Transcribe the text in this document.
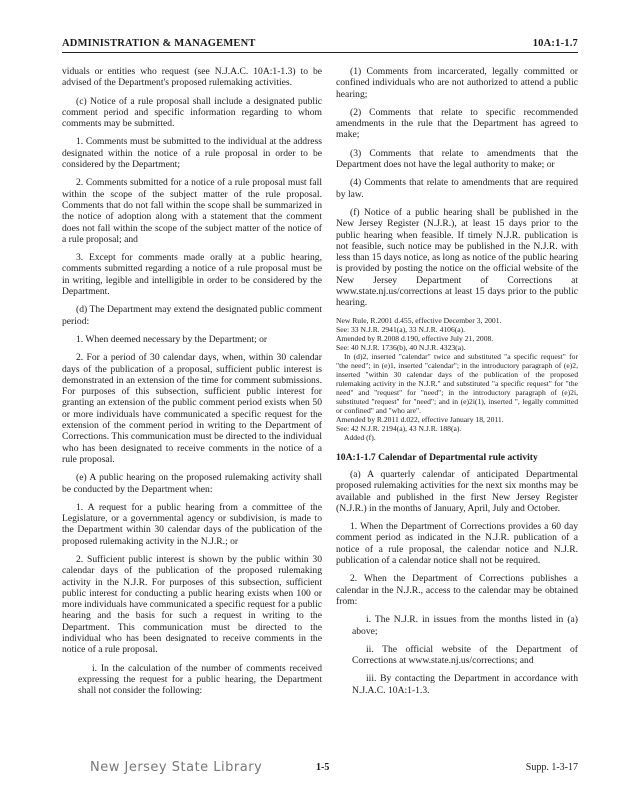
ADMINISTRATION & MANAGEMENT	10A:1-1.7
viduals or entities who request (see N.J.A.C. 10A:1-1.3) to be advised of the Department's proposed rulemaking activities.
(c) Notice of a rule proposal shall include a designated public comment period and specific information regarding to whom comments may be submitted.
1. Comments must be submitted to the individual at the address designated within the notice of a rule proposal in order to be considered by the Department;
2. Comments submitted for a notice of a rule proposal must fall within the scope of the subject matter of the rule proposal. Comments that do not fall within the scope shall be summarized in the notice of adoption along with a statement that the comment does not fall within the scope of the subject matter of the notice of a rule proposal; and
3. Except for comments made orally at a public hearing, comments submitted regarding a notice of a rule proposal must be in writing, legible and intelligible in order to be considered by the Department.
(d) The Department may extend the designated public comment period:
1. When deemed necessary by the Department; or
2. For a period of 30 calendar days, when, within 30 calendar days of the publication of a proposal, sufficient public interest is demonstrated in an extension of the time for comment submissions. For purposes of this subsection, sufficient public interest for granting an extension of the public comment period exists when 50 or more individuals have communicated a specific request for the extension of the comment period in writing to the Department of Corrections. This communication must be directed to the individual who has been designated to receive comments in the notice of a rule proposal.
(e) A public hearing on the proposed rulemaking activity shall be conducted by the Department when:
1. A request for a public hearing from a committee of the Legislature, or a governmental agency or subdivision, is made to the Department within 30 calendar days of the publication of the proposed rulemaking activity in the N.J.R.; or
2. Sufficient public interest is shown by the public within 30 calendar days of the publication of the proposed rulemaking activity in the N.J.R. For purposes of this subsection, sufficient public interest for conducting a public hearing exists when 100 or more individuals have communicated a specific request for a public hearing and the basis for such a request in writing to the Department. This communication must be directed to the individual who has been designated to receive comments in the notice of a rule proposal.
i. In the calculation of the number of comments received expressing the request for a public hearing, the Department shall not consider the following:
(1) Comments from incarcerated, legally committed or confined individuals who are not authorized to attend a public hearing;
(2) Comments that relate to specific recommended amendments in the rule that the Department has agreed to make;
(3) Comments that relate to amendments that the Department does not have the legal authority to make; or
(4) Comments that relate to amendments that are required by law.
(f) Notice of a public hearing shall be published in the New Jersey Register (N.J.R.), at least 15 days prior to the public hearing when feasible. If timely N.J.R. publication is not feasible, such notice may be published in the N.J.R. with less than 15 days notice, as long as notice of the public hearing is provided by posting the notice on the official website of the New Jersey Department of Corrections at www.state.nj.us/corrections at least 15 days prior to the public hearing.
New Rule, R.2001 d.455, effective December 3, 2001.
See: 33 N.J.R. 2941(a), 33 N.J.R. 4106(a).
Amended by R.2008 d.190, effective July 21, 2008.
See: 40 N.J.R. 1736(b), 40 N.J.R. 4323(a).
In (d)2, inserted "calendar" twice and substituted "a specific request" for "the need"; in (e)1, inserted "calendar"; in the introductory paragraph of (e)2, inserted "within 30 calendar days of the publication of the proposed rulemaking activity in the N.J.R." and substituted "a specific request" for "the need" and "request" for "need"; in the introductory paragraph of (e)2i, substituted "request" for "need"; and in (e)2i(1), inserted ", legally committed or confined" and "who are".
Amended by R.2011 d.022, effective January 18, 2011.
See: 42 N.J.R. 2194(a), 43 N.J.R. 188(a).
Added (f).
10A:1-1.7 Calendar of Departmental rule activity
(a) A quarterly calendar of anticipated Departmental proposed rulemaking activities for the next six months may be available and published in the first New Jersey Register (N.J.R.) in the months of January, April, July and October.
1. When the Department of Corrections provides a 60 day comment period as indicated in the N.J.R. publication of a notice of a rule proposal, the calendar notice and N.J.R. publication of a calendar notice shall not be required.
2. When the Department of Corrections publishes a calendar in the N.J.R., access to the calendar may be obtained from:
i. The N.J.R. in issues from the months listed in (a) above;
ii. The official website of the Department of Corrections at www.state.nj.us/corrections; and
iii. By contacting the Department in accordance with N.J.A.C. 10A:1-1.3.
New Jersey State Library	1-5	Supp. 1-3-17
